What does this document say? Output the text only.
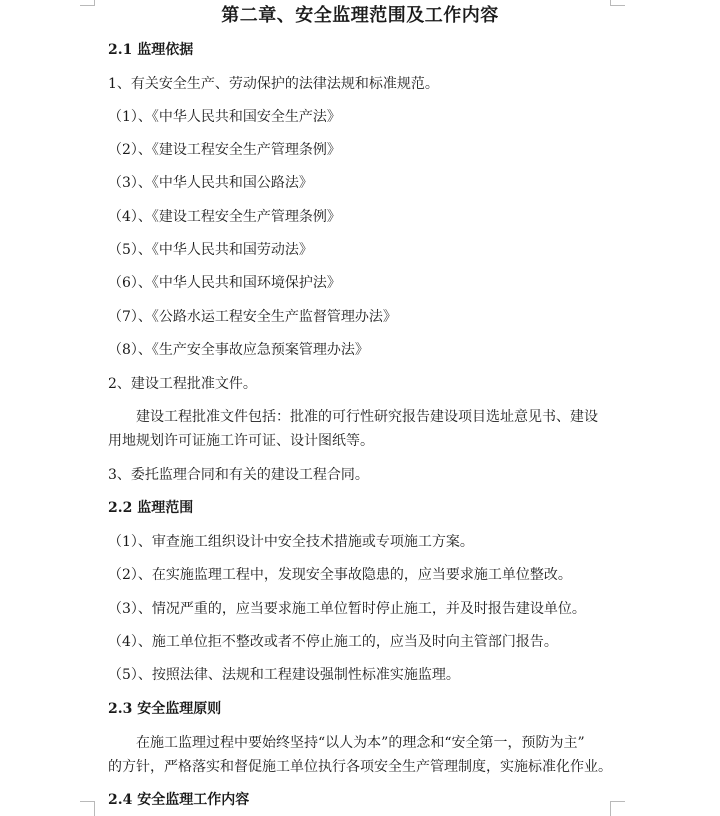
第二章、安全监理范围及工作内容
2.1 监理依据
1、有关安全生产、劳动保护的法律法规和标准规范。
（1）、《中华人民共和国安全生产法》
（2）、《建设工程安全生产管理条例》
（3）、《中华人民共和国公路法》
（4）、《建设工程安全生产管理条例》
（5）、《中华人民共和国劳动法》
（6）、《中华人民共和国环境保护法》
（7）、《公路水运工程安全生产监督管理办法》
（8）、《生产安全事故应急预案管理办法》
2、建设工程批准文件。
建设工程批准文件包括：批准的可行性研究报告建设项目选址意见书、建设
用地规划许可证施工许可证、设计图纸等。
3、委托监理合同和有关的建设工程合同。
2.2 监理范围
（1）、审查施工组织设计中安全技术措施或专项施工方案。
（2）、在实施监理工程中，发现安全事故隐患的，应当要求施工单位整改。
（3）、情况严重的，应当要求施工单位暂时停止施工，并及时报告建设单位。
（4）、施工单位拒不整改或者不停止施工的，应当及时向主管部门报告。
（5）、按照法律、法规和工程建设强制性标准实施监理。
2.3 安全监理原则
在施工监理过程中要始终坚持“以人为本”的理念和“安全第一，预防为主”
的方针，严格落实和督促施工单位执行各项安全生产管理制度，实施标准化作业。
2.4 安全监理工作内容
